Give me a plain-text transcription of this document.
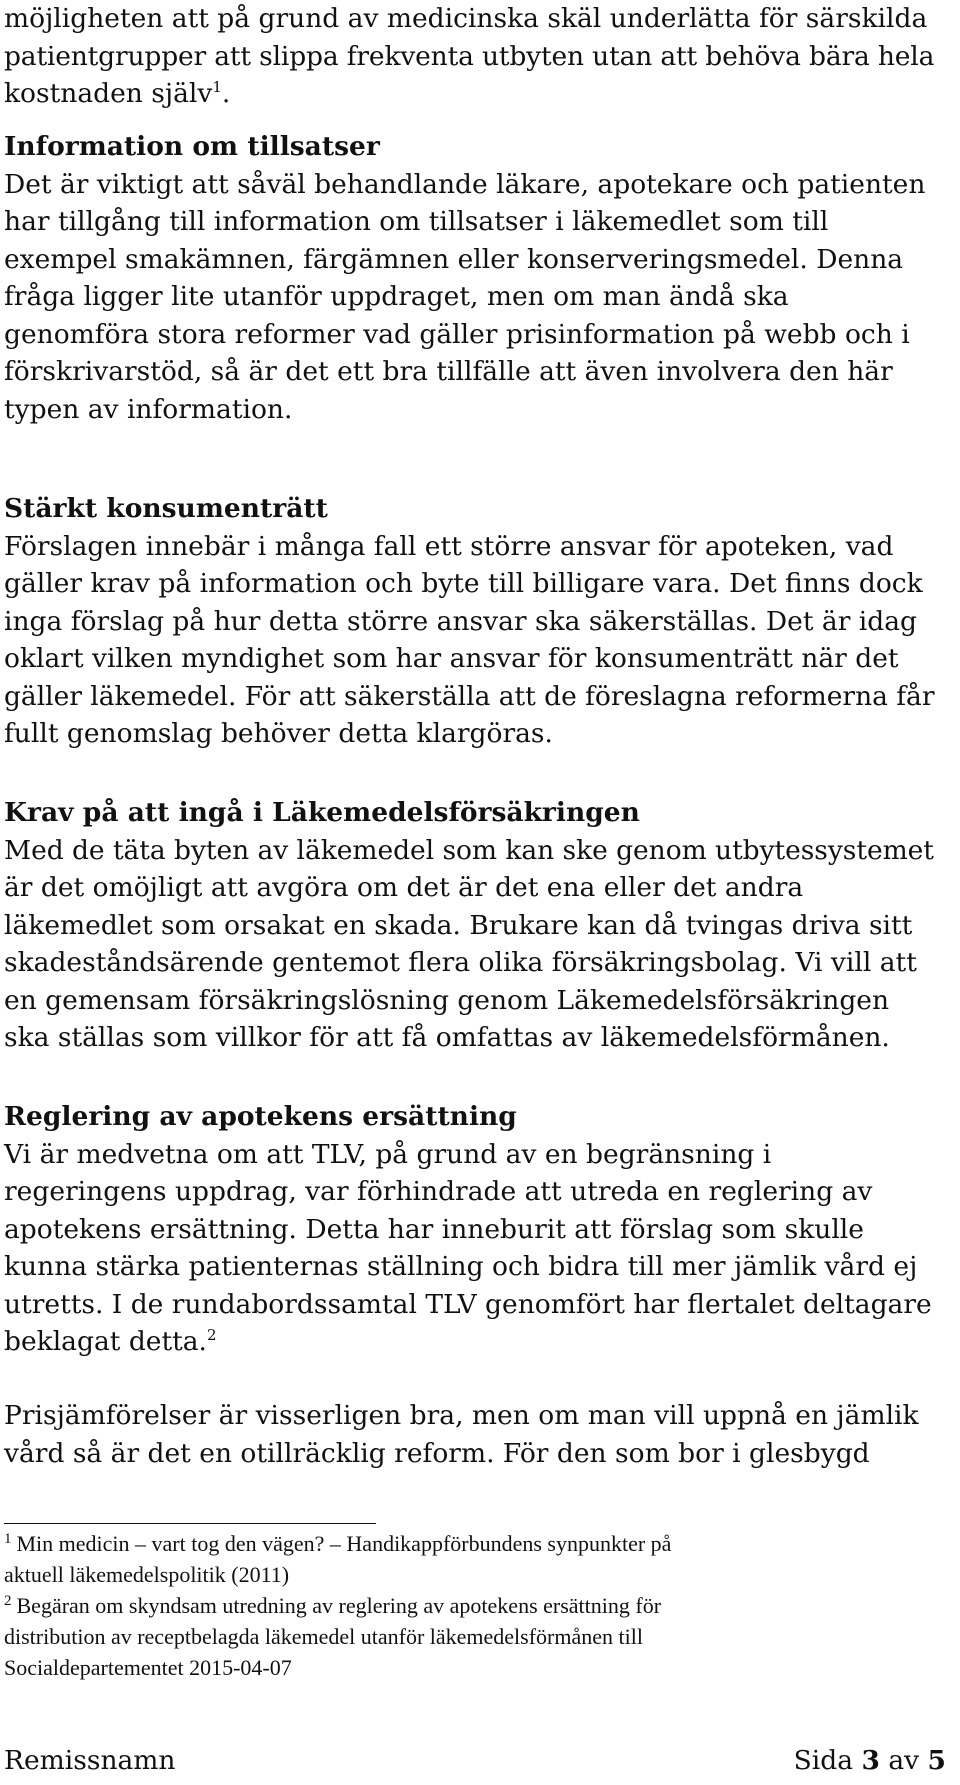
möjligheten att på grund av medicinska skäl underlätta för särskilda
patientgrupper att slippa frekventa utbyten utan att behöva bära hela
kostnaden själv$^1$.
Information om tillsatser
Det är viktigt att såväl behandlande läkare, apotekare och patienten
har tillgång till information om tillsatser i läkemedlet som till
exempel smakämnen, färgämnen eller konserveringsmedel. Denna
fråga ligger lite utanför uppdraget, men om man ändå ska
genomföra stora reformer vad gäller prisinformation på webb och i
förskrivarstöd, så är det ett bra tillfälle att även involvera den här
typen av information.
Stärkt konsumenträtt
Förslagen innebär i många fall ett större ansvar för apoteken, vad
gäller krav på information och byte till billigare vara. Det finns dock
inga förslag på hur detta större ansvar ska säkerställas. Det är idag
oklart vilken myndighet som har ansvar för konsumenträtt när det
gäller läkemedel. För att säkerställa att de föreslagna reformerna får
fullt genomslag behöver detta klargöras.
Krav på att ingå i Läkemedelsförsäkringen
Med de täta byten av läkemedel som kan ske genom utbytessystemet
är det omöjligt att avgöra om det är det ena eller det andra
läkemedlet som orsakat en skada. Brukare kan då tvingas driva sitt
skadeståndsärende gentemot flera olika försäkringsbolag. Vi vill att
en gemensam försäkringslösning genom Läkemedelsförsäkringen
ska ställas som villkor för att få omfattas av läkemedelsförmånen.
Reglering av apotekens ersättning
Vi är medvetna om att TLV, på grund av en begränsning i
regeringens uppdrag, var förhindrade att utreda en reglering av
apotekens ersättning. Detta har inneburit att förslag som skulle
kunna stärka patienternas ställning och bidra till mer jämlik vård ej
utretts. I de rundabordssamtal TLV genomfört har flertalet deltagare
beklagat detta.$^2$
Prisjämförelser är visserligen bra, men om man vill uppnå en jämlik
vård så är det en otillräcklig reform. För den som bor i glesbygd
$^1$ Min medicin – vart tog den vägen? – Handikappförbundens synpunkter på
aktuell läkemedelspolitik (2011)
$^2$ Begäran om skyndsam utredning av reglering av apotekens ersättning för
distribution av receptbelagda läkemedel utanför läkemedelsförmånen till
Socialdepartementet 2015-04-07
Remissnamn	Sida 3 av 5
